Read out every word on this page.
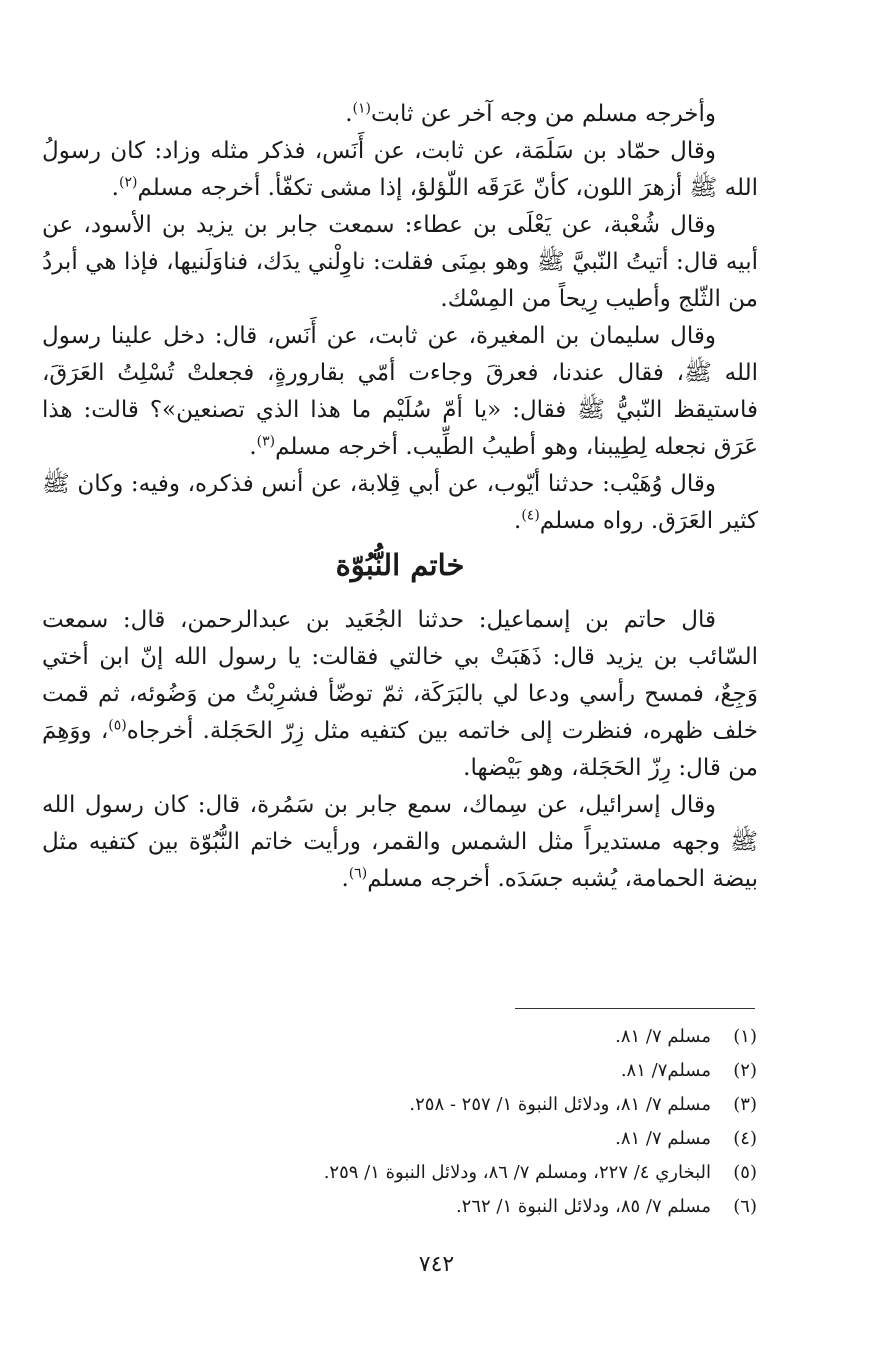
وأخرجه مسلم من وجه آخر عن ثابت$^{(١)}$.

وقال حمّاد بن سَلَمَة، عن ثابت، عن أَنَس، فذكر مثله وزاد: كان رسولُ الله ﷺ أزهرَ اللون، كأنّ عَرَقَه اللّؤلؤ، إذا مشى تكفّأ. أخرجه مسلم$^{(٢)}$.

وقال شُعْبة، عن يَعْلَى بن عطاء: سمعت جابر بن يزيد بن الأسود، عن أبيه قال: أتيتُ النّبيَّ ﷺ وهو بمِنَى فقلت: ناوِلْني يدَك، فناوَلَنيها، فإذا هي أبردُ من الثّلج وأطيب رِيحاً من المِسْك.

وقال سليمان بن المغيرة، عن ثابت، عن أَنَس، قال: دخل علينا رسول الله ﷺ، فقال عندنا، فعرقَ وجاءت أمّي بقارورةٍ، فجعلتْ تُسْلِتُ العَرَقَ، فاستيقظ النّبيُّ ﷺ فقال: «يا أمّ سُلَيْم ما هذا الذي تصنعين»؟ قالت: هذا عَرَق نجعله لِطِيبنا، وهو أطيبُ الطِّيب. أخرجه مسلم$^{(٣)}$.

وقال وُهَيْب: حدثنا أيّوب، عن أبي قِلابة، عن أنس فذكره، وفيه: وكان ﷺ كثير العَرَق. رواه مسلم$^{(٤)}$.

خاتم النُّبُوّة

قال حاتم بن إسماعيل: حدثنا الجُعَيد بن عبدالرحمن، قال: سمعت السّائب بن يزيد قال: ذَهَبَتْ بي خالتي فقالت: يا رسول الله إنّ ابن أختي وَجِعٌ، فمسح رأسي ودعا لي بالبَرَكَة، ثمّ توضّأ فشرِبْتُ من وَضُوئه، ثم قمت خلف ظهره، فنظرت إلى خاتمه بين كتفيه مثل زِرّ الحَجَلة. أخرجاه$^{(٥)}$، ووَهِمَ من قال: رِزّ الحَجَلة، وهو بَيْضها.

وقال إسرائيل، عن سِماك، سمع جابر بن سَمُرة، قال: كان رسول الله ﷺ وجهه مستديراً مثل الشمس والقمر، ورأيت خاتم النُّبُوّة بين كتفيه مثل بيضة الحمامة، يُشبه جسَدَه. أخرجه مسلم$^{(٦)}$.

(١)مسلم ٧/ ٨١.
(٢)مسلم٧/ ٨١.
(٣)مسلم ٧/ ٨١، ودلائل النبوة ١/ ٢٥٧ - ٢٥٨.
(٤)مسلم ٧/ ٨١.
(٥)البخاري ٤/ ٢٢٧، ومسلم ٧/ ٨٦، ودلائل النبوة ١/ ٢٥٩.
(٦)مسلم ٧/ ٨٥، ودلائل النبوة ١/ ٢٦٢.
٧٤٢
